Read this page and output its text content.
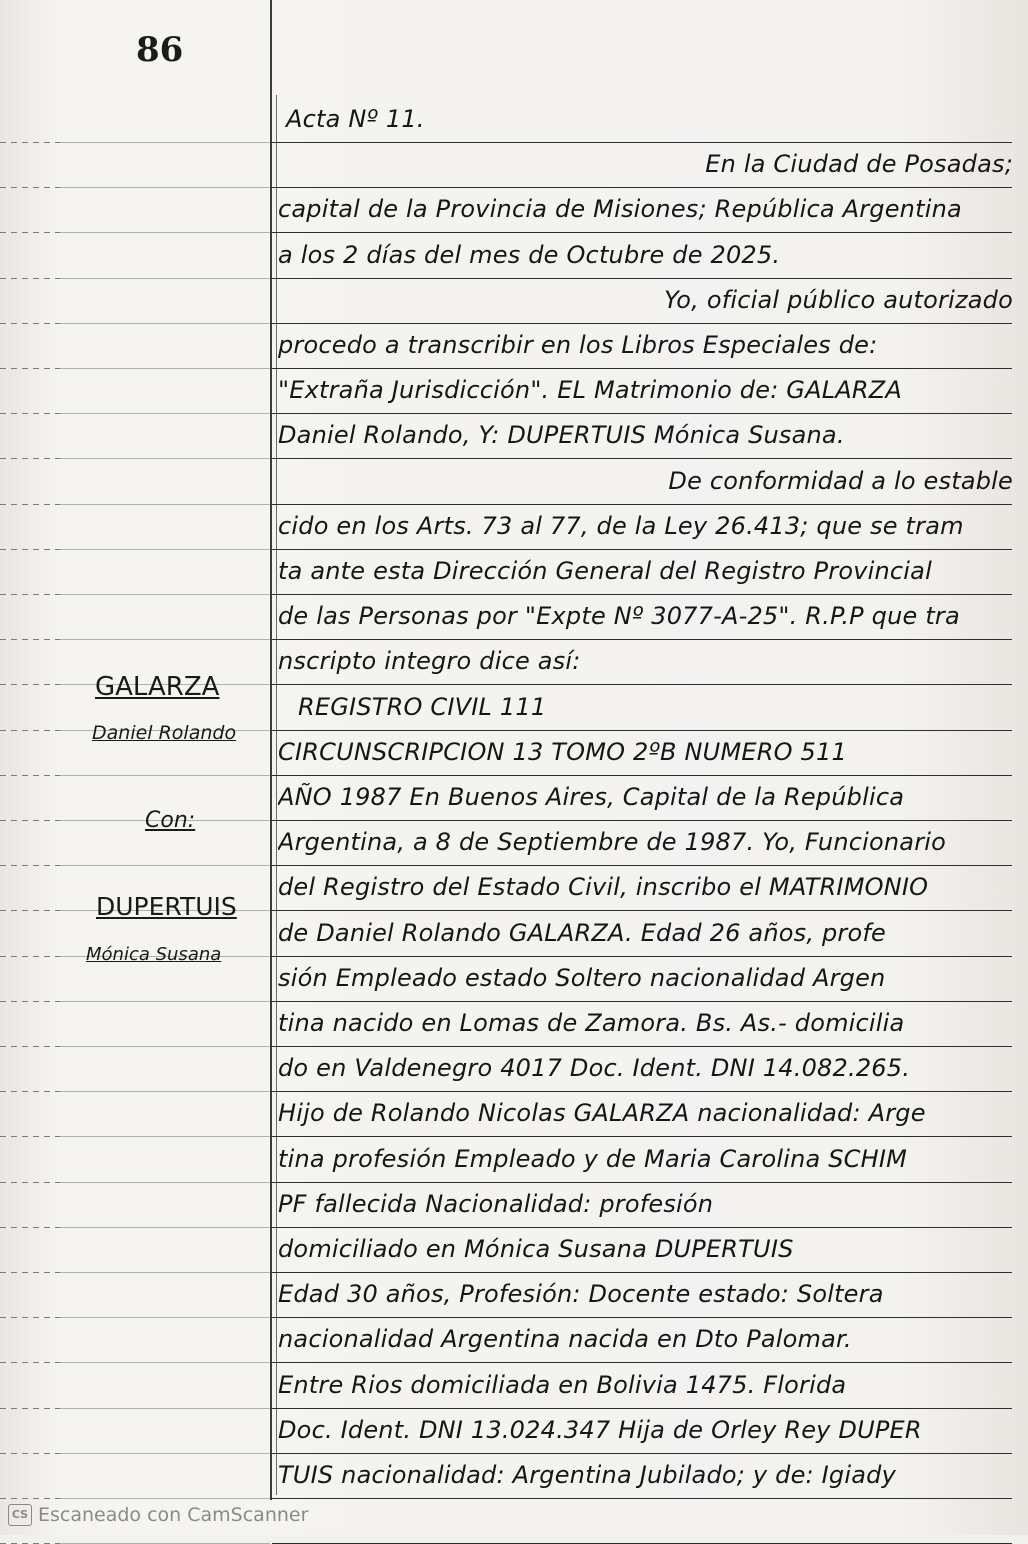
86
GALARZA
Daniel Rolando
Con:
DUPERTUIS
Mónica Susana
Acta Nº 11.
En la Ciudad de Posadas;
capital de la Provincia de Misiones; República Argentina
a los 2 días del mes de Octubre de 2025.
Yo, oficial público autorizado
procedo a transcribir en los Libros Especiales de:
"Extraña Jurisdicción". EL Matrimonio de: GALARZA
Daniel Rolando, Y: DUPERTUIS Mónica Susana.
De conformidad a lo estable
cido en los Arts. 73 al 77, de la Ley 26.413; que se tram
ta ante esta Dirección General del Registro Provincial
de las Personas por "Expte Nº 3077-A-25". R.P.P que tra
nscripto integro dice así:
REGISTRO CIVIL 111
CIRCUNSCRIPCION 13 TOMO 2ºB NUMERO 511
AÑO 1987 En Buenos Aires, Capital de la República
Argentina, a 8 de Septiembre de 1987. Yo, Funcionario
del Registro del Estado Civil, inscribo el MATRIMONIO
de Daniel Rolando GALARZA. Edad 26 años, profe
sión Empleado estado Soltero nacionalidad Argen
tina nacido en Lomas de Zamora. Bs. As.- domicilia
do en Valdenegro 4017 Doc. Ident. DNI 14.082.265.
Hijo de Rolando Nicolas GALARZA nacionalidad: Arge
tina profesión Empleado y de Maria Carolina SCHIM
PF fallecida Nacionalidad: profesión
domiciliado en Mónica Susana DUPERTUIS
Edad 30 años, Profesión: Docente estado: Soltera
nacionalidad Argentina nacida en Dto Palomar.
Entre Rios domiciliada en Bolivia 1475. Florida
Doc. Ident. DNI 13.024.347 Hija de Orley Rey DUPER
TUIS nacionalidad: Argentina Jubilado; y de: Igiady
CS Escaneado con CamScanner
